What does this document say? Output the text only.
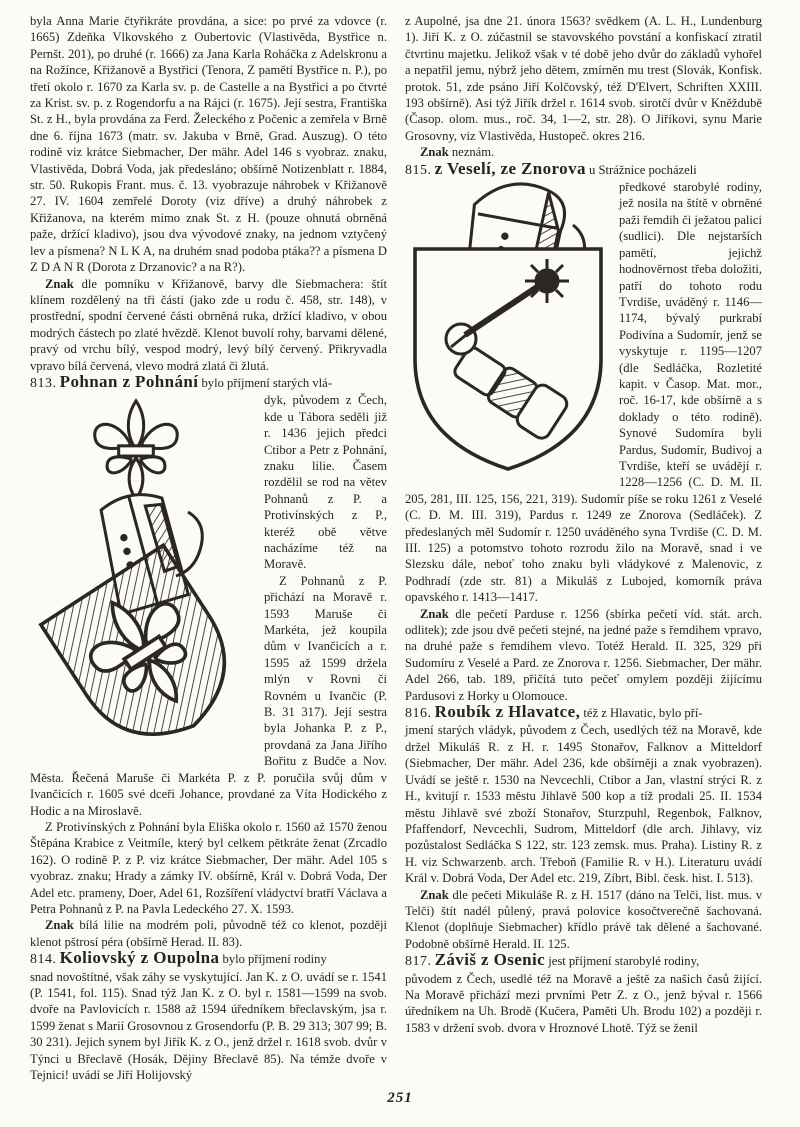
byla Anna Marie čtyřikráte provdána, a sice: po prvé za vdovce (r. 1665) Zdeňka Vlkovského z Oubertovic (Vlastivěda, Bystřice n. Pernšt. 201), po druhé (r. 1666) za Jana Karla Roháčka z Adelskronu a na Rožínce, Křižanově a Bystřici (Tenora, Z pamětí Bystřice n. P.), po třetí okolo r. 1670 za Karla sv. p. de Castelle a na Bystřici a po čtvrté za Krist. sv. p. z Rogendorfu a na Rájci (r. 1675). Její sestra, Františka St. z H., byla provdána za Ferd. Želeckého z Počenic a zemřela v Brně dne 6. října 1673 (matr. sv. Jakuba v Brně, Grad. Auszug). O této rodině viz krátce Siebmacher, Der mähr. Adel 146 s vyobraz. znaku, Vlastivěda, Dobrá Voda, jak předesláno; obšírně Notizenblatt r. 1884, str. 50. Rukopis Frant. mus. č. 13. vyobrazuje náhrobek v Křižanově 27. IV. 1604 zemřelé Doroty (viz dříve) a druhý náhrobek z Křižanova, na kterém mimo znak St. z H. (pouze ohnutá obrněná paže, držící kladivo), jsou dva vývodové znaky, na jednom vztyčený lev a písmena? N L K A, na druhém snad podoba ptáka?? a písmena D Z D A N R (Dorota z Drzanovic? a na R?).

Znak dle pomníku v Křižanově, barvy dle Siebmachera: štít klínem rozdělený na tři části (jako zde u rodu č. 458, str. 148), v prostřední, spodní červené části obrněná ruka, držící kladivo, v obou modrých částech po zlaté hvězdě. Klenot buvolí rohy, barvami dělené, pravý od vrchu bílý, vespod modrý, levý bílý červený. Přikryvadla vpravo bílá červená, vlevo modrá zlatá či žlutá.

813. Pohnan z Pohnání bylo příjmení starých vlá-

dyk, původem z Čech, kde u Tábora seděli již r. 1436 jejich předci Ctibor a Petr z Pohnání, znaku lilie. Časem rozdělil se rod na větev Pohnanů z P. a Protivínských z P., kteréž obě větve nacházíme též na Moravě.

Z Pohnanů z P. přichází na Moravě r. 1593 Maruše či Markéta, jež koupila dům v Ivančicích a r. 1595 až 1599 držela mlýn v Rovni či Rovném u Ivančic (P. B. 31 317). Její sestra byla Johanka P. z P., provdaná za Jana Jiřího Bořitu z Budče a Nov. Města. Řečená Maruše či Markéta P. z P. poručila svůj dům v Ivančicích r. 1605 své dceři Johance, provdané za Víta Hodického z Hodic a na Miroslavě.

Z Protivínských z Pohnání byla Eliška okolo r. 1560 až 1570 ženou Štěpána Krabice z Veitmíle, který byl celkem pětkráte ženat (Zrcadlo 162). O rodině P. z P. viz krátce Siebmacher, Der mähr. Adel 105 s vyobraz. znaku; Hrady a zámky IV. obšírně, Král v. Dobrá Voda, Der Adel etc. prameny, Doer, Adel 61, Rozšíření vládyctví bratří Václava a Petra Pohnanů z P. na Pavla Ledeckého 27. X. 1593.

Znak bílá lilie na modrém poli, původně též co klenot, později klenot pštrosí péra (obšírně Herad. II. 83).

814. Koliovský z Oupolna bylo příjmení rodiny

snad novoštítné, však záhy se vyskytující. Jan K. z O. uvádí se r. 1541 (P. 1541, fol. 115). Snad týž Jan K. z O. byl r. 1581—1599 na svob. dvoře na Pavlovicích r. 1588 až 1594 úředníkem břeclavským, jsa r. 1599 ženat s Marií Grosovnou z Grosendorfu (P. B. 29 313; 307 99; B. 30 231). Jejich synem byl Jiřík K. z O., jenž držel r. 1618 svob. dvůr v Týnci u Břeclavě (Hosák, Dějiny Břeclavě 85). Na témže dvoře v Tejnici! uvádí se Jiří Holijovský

z Aupolné, jsa dne 21. února 1563? svědkem (A. L. H., Lundenburg 1). Jiří K. z O. zúčastnil se stavovského povstání a konfiskací ztratil čtvrtinu majetku. Jelikož však v té době jeho dvůr do základů vyhořel a nepatřil jemu, nýbrž jeho dětem, zmírněn mu trest (Slovák, Konfisk. protok. 51, zde psáno Jiří Kolčovský, též D'Elvert, Schriften XXIII. 193 obšírně). Asi týž Jiřík držel r. 1614 svob. sirotčí dvůr v Kněždubě (Časop. olom. mus., roč. 34, 1—2, str. 28). O Jiříkovi, synu Marie Grosovny, viz Vlastivěda, Hustopeč. okres 216.

Znak neznám.

815. z Veselí, ze Znorova u Strážnice pocházeli

předkové starobylé rodiny, jež nosila na štítě v obrněné paži řemdih či ježatou palici (sudlici). Dle nejstarších pamětí, jejichž hodnověrnost třeba doložiti, patří do tohoto rodu Tvrdiše, uváděný r. 1146—1174, bývalý purkrabí Podivína a Sudomír, jenž se vyskytuje r. 1195—1207 (dle Sedláčka, Rozletité kapit. v Časop. Mat. mor., roč. 16-17, kde obšírně a s doklady o této rodině). Synové Sudomíra byli Pardus, Sudomír, Budivoj a Tvrdiše, kteří se uvádějí r. 1228—1256 (C. D. M. II. 205, 281, III. 125, 156, 221, 319). Sudomír píše se roku 1261 z Veselé (C. D. M. III. 319), Pardus r. 1249 ze Znorova (Sedláček). Z předeslaných měl Sudomír r. 1250 uváděného syna Tvrdiše (C. D. M. III. 125) a potomstvo tohoto rozrodu žilo na Moravě, snad i ve Slezsku dále, neboť toho znaku byli vládykové z Malenovic, z Podhradí (zde str. 81) a Mikuláš z Lubojed, komorník práva opavského r. 1413—1417.

Znak dle pečetí Parduse r. 1256 (sbírka pečetí víd. stát. arch. odlitek); zde jsou dvě pečeti stejné, na jedné paže s řemdihem vpravo, na druhé paže s řemdihem vlevo. Totéž Herald. II. 325, 329 při Sudomíru z Veselé a Pard. ze Znorova r. 1256. Siebmacher, Der mähr. Adel 266, tab. 189, přičítá tuto pečeť omylem později žijícímu Pardusovi z Horky u Olomouce.

816. Roubík z Hlavatce, též z Hlavatic, bylo pří-

jmení starých vládyk, původem z Čech, usedlých též na Moravě, kde držel Mikuláš R. z H. r. 1495 Stonařov, Falknov a Mitteldorf (Siebmacher, Der mähr. Adel 236, kde obšírněji a znak vyobrazen). Uvádí se ještě r. 1530 na Nevcechli, Ctibor a Jan, vlastní strýci R. z H., kvitují r. 1533 městu Jihlavě 500 kop a tíž prodali 25. II. 1534 městu Jihlavě své zboží Stonařov, Sturzpuhl, Regenbok, Falknov, Pfaffendorf, Nevcechli, Sudrom, Mitteldorf (dle arch. Jihlavy, viz pozůstalost Sedláčka S 122, str. 123 zemsk. mus. Praha). Listiny R. z H. viz Schwarzenb. arch. Třeboň (Familie R. v H.). Literaturu uvádí Král v. Dobrá Voda, Der Adel etc. 219, Zíbrt, Bibl. česk. hist. I. 513).

Znak dle pečeti Mikuláše R. z H. 1517 (dáno na Telči, list. mus. v Telči) štít nadél půlený, pravá polovice kosočtverečně šachovaná. Klenot (doplňuje Siebmacher) křídlo právě tak dělené a šachované. Podobně obšírně Herald. II. 125.

817. Záviš z Osenic jest příjmení starobylé rodiny,

původem z Čech, usedlé též na Moravě a ještě za našich časů žijící. Na Moravě přichází mezi prvními Petr Z. z O., jenž býval r. 1566 úředníkem na Uh. Brodě (Kučera, Paměti Uh. Brodu 102) a později r. 1583 v držení svob. dvora v Hroznové Lhotě. Týž se ženil

251
